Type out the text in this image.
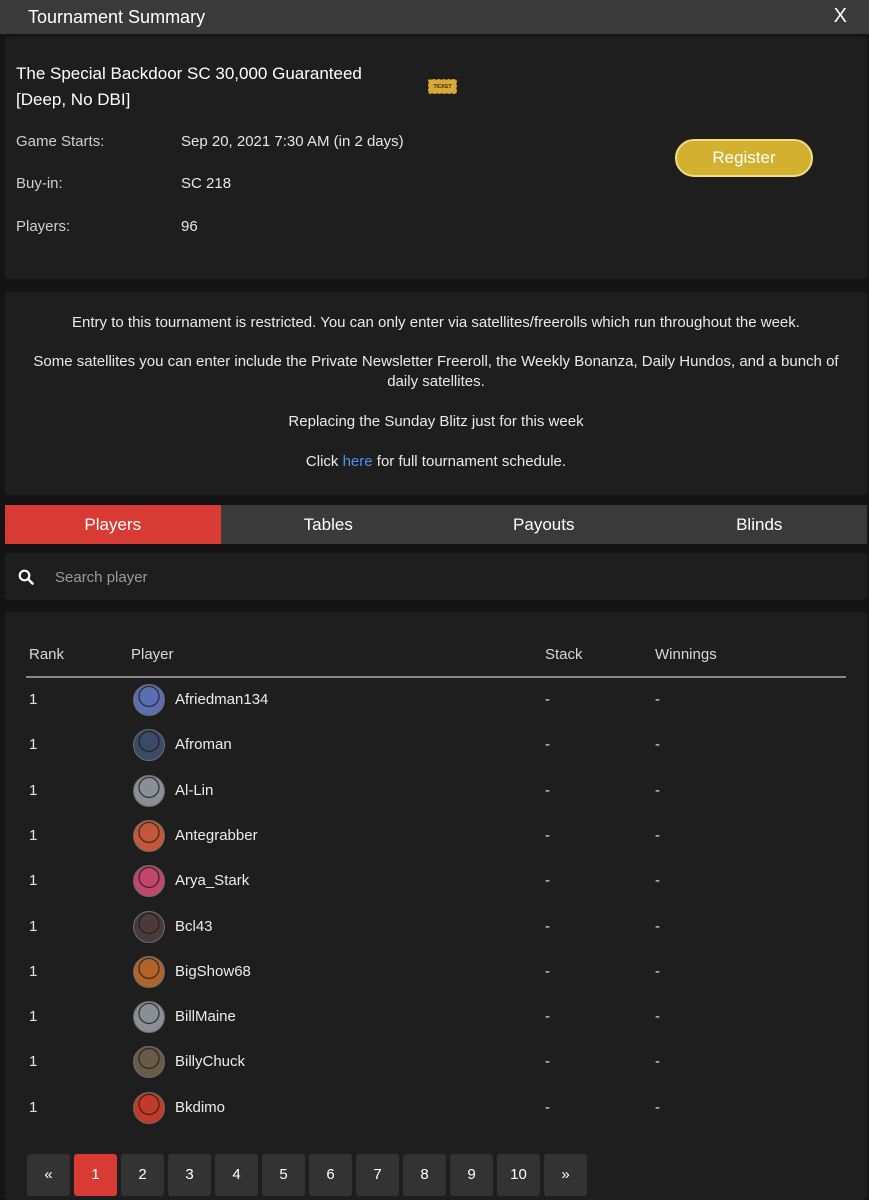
Tournament Summary	X
The Special Backdoor SC 30,000 Guaranteed [Deep, No DBI]
TICKET
Game Starts:	Sep 20, 2021 7:30 AM (in 2 days)
Buy-in:	SC 218
Players:	96
Register

Entry to this tournament is restricted. You can only enter via satellites/freerolls which run throughout the week.

Some satellites you can enter include the Private Newsletter Freeroll, the Weekly Bonanza, Daily Hundos, and a bunch of daily satellites.

Replacing the Sunday Blitz just for this week

Click here for full tournament schedule.

Players	Tables	Payouts	Blinds
Search player
Rank	Player	Stack	Winnings
1	Afriedman134	-	-
1	Afroman	-	-
1	Al-Lin	-	-
1	Antegrabber	-	-
1	Arya_Stark	-	-
1	Bcl43	-	-
1	BigShow68	-	-
1	BillMaine	-	-
1	BillyChuck	-	-
1	Bkdimo	-	-
«	1	2	3	4	5	6	7	8	9	10	»
